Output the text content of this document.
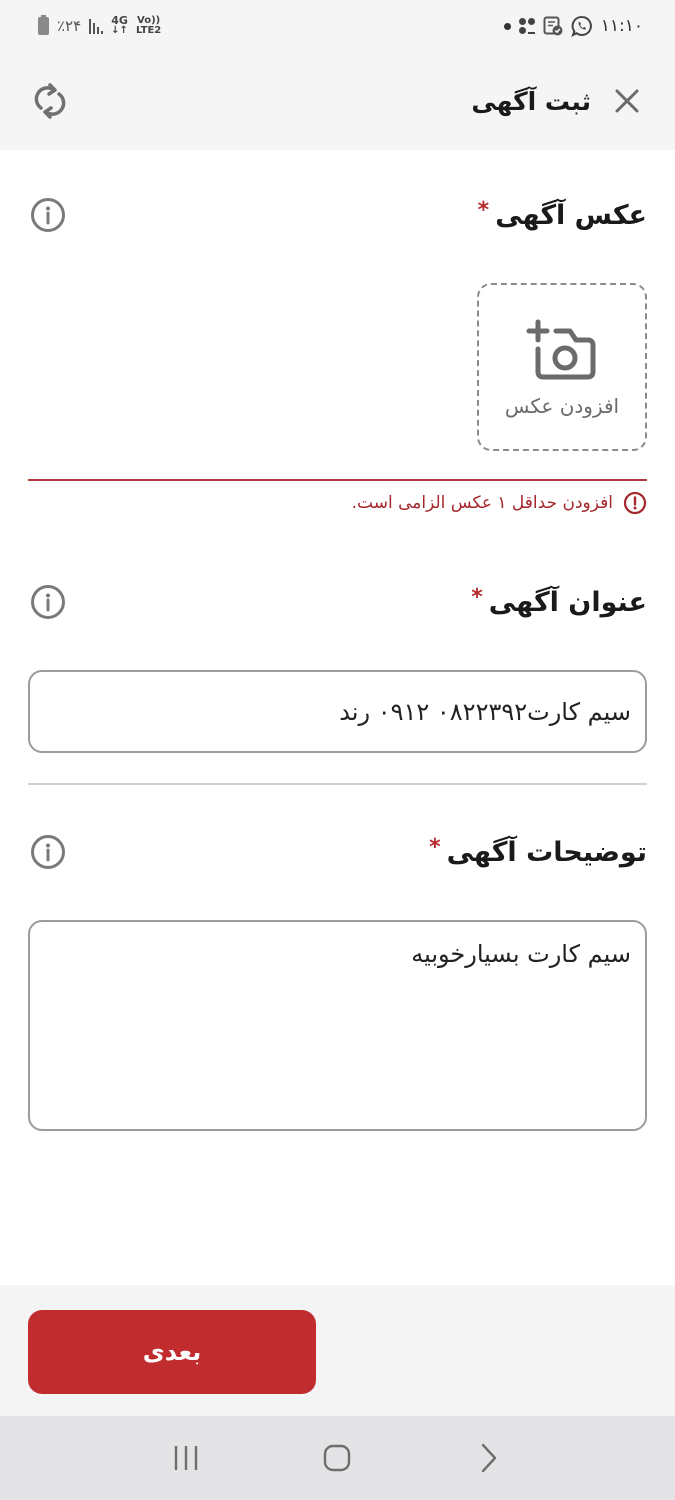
٪۲۴	4G
↓↑
Vo))
LTE2	۱۱:۱۰
ثبت آگهی
عکس آگهی
*
افزودن عکس
افزودن حداقل ۱ عکس الزامی است.
عنوان آگهی
*
سیم کارت۰۸۲۲۳۹۲ ۰۹۱۲ رند
توضیحات آگهی
*
سیم کارت بسیارخوبیه
بعدی
